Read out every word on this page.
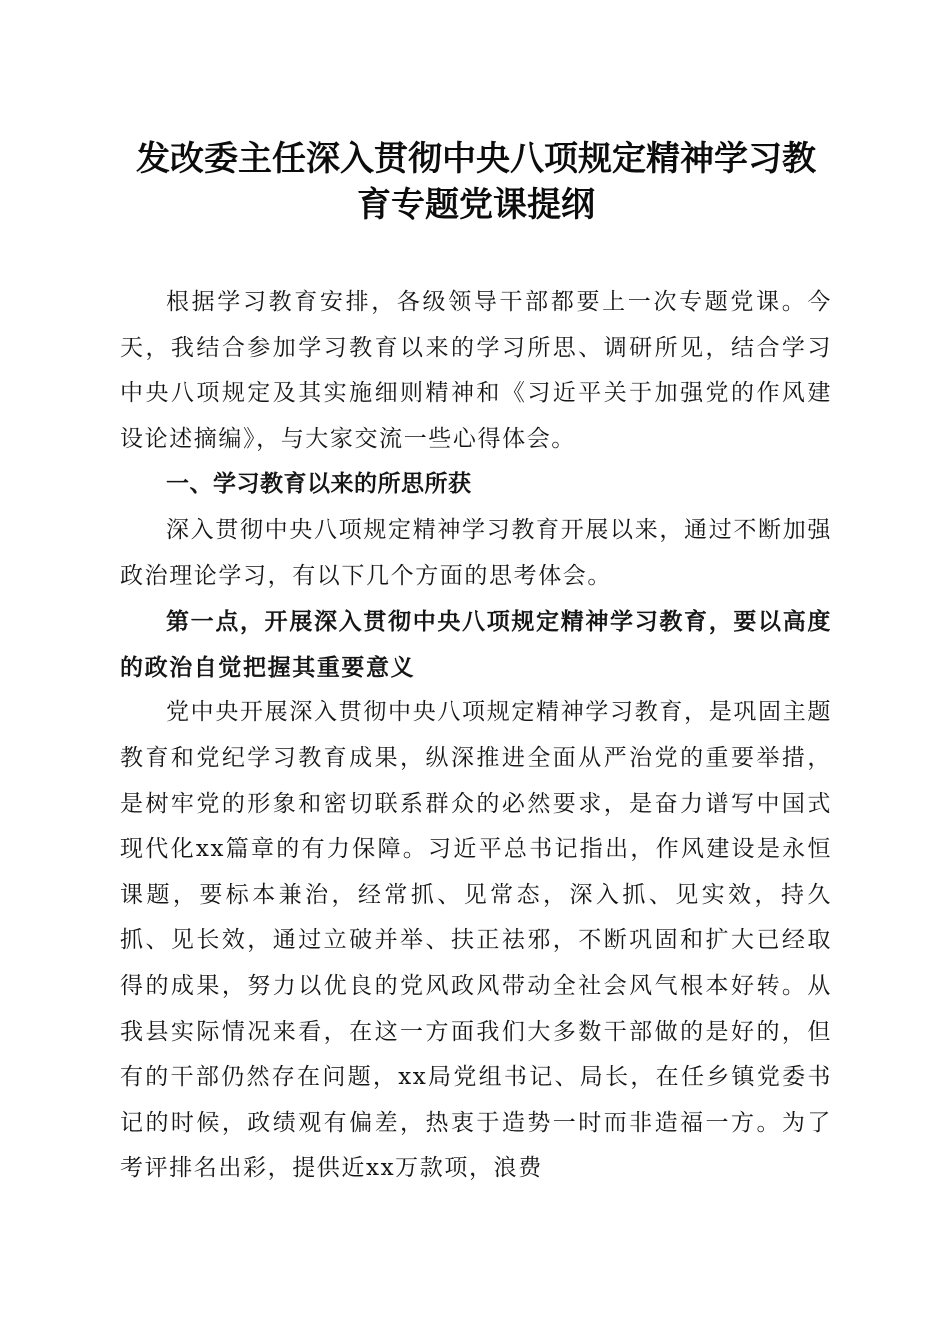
发改委主任深入贯彻中央八项规定精神学习教育专题党课提纲

根据学习教育安排，各级领导干部都要上一次专题党课。今天，我结合参加学习教育以来的学习所思、调研所见，结合学习中央八项规定及其实施细则精神和《习近平关于加强党的作风建设论述摘编》，与大家交流一些心得体会。

一、学习教育以来的所思所获

深入贯彻中央八项规定精神学习教育开展以来，通过不断加强政治理论学习，有以下几个方面的思考体会。

第一点，开展深入贯彻中央八项规定精神学习教育，要以高度的政治自觉把握其重要意义

党中央开展深入贯彻中央八项规定精神学习教育，是巩固主题教育和党纪学习教育成果，纵深推进全面从严治党的重要举措，是树牢党的形象和密切联系群众的必然要求，是奋力谱写中国式现代化xx篇章的有力保障。习近平总书记指出，作风建设是永恒课题，要标本兼治，经常抓、见常态，深入抓、见实效，持久抓、见长效，通过立破并举、扶正祛邪，不断巩固和扩大已经取得的成果，努力以优良的党风政风带动全社会风气根本好转。从我县实际情况来看，在这一方面我们大多数干部做的是好的，但有的干部仍然存在问题，xx局党组书记、局长，在任乡镇党委书记的时候，政绩观有偏差，热衷于造势一时而非造福一方。为了考评排名出彩，提供近xx万款项，浪费
